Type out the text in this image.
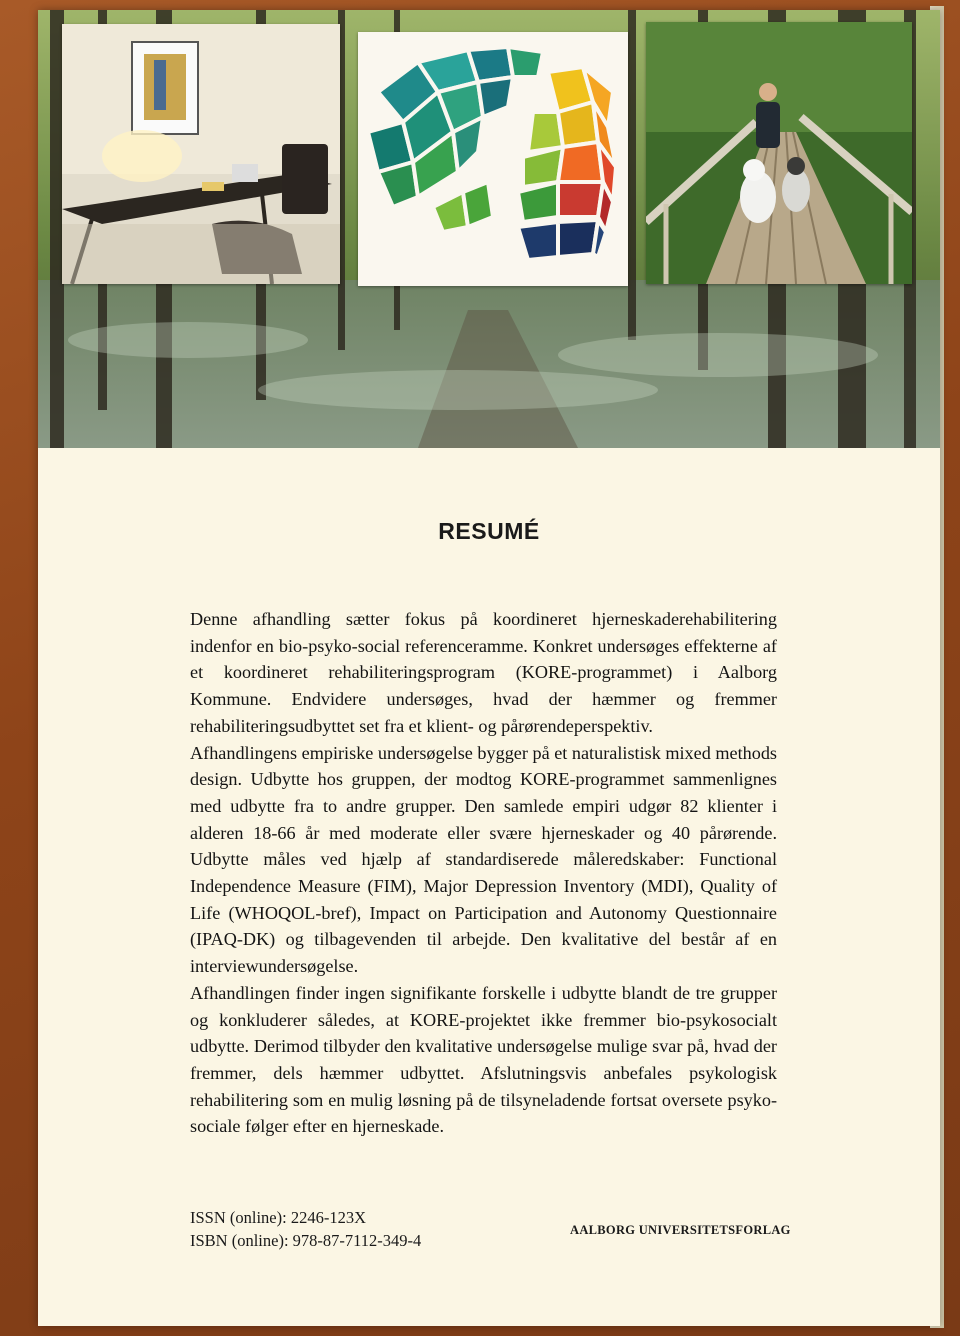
RESUMÉ

Denne afhandling sætter fokus på koordineret hjerneskaderehabilitering indenfor en bio-psyko-social referenceramme. Konkret undersøges effekterne af et koordineret rehabiliteringsprogram (KORE-programmet) i Aalborg Kommune. Endvidere undersøges, hvad der hæmmer og fremmer rehabiliteringsudbyttet set fra et klient- og pårørendeperspektiv.

Afhandlingens empiriske undersøgelse bygger på et naturalistisk mixed methods design. Udbytte hos gruppen, der modtog KORE-programmet sammenlignes med udbytte fra to andre grupper. Den samlede empiri udgør 82 klienter i alderen 18-66 år med moderate eller svære hjerneskader og 40 pårørende. Udbytte måles ved hjælp af standardiserede måleredskaber: Functional Independence Measure (FIM), Major Depression Inventory (MDI), Quality of Life (WHOQOL-bref), Impact on Participation and Autonomy Questionnaire (IPAQ-DK) og tilbagevenden til arbejde. Den kvalitative del består af en interviewundersøgelse.

Afhandlingen finder ingen signifikante forskelle i udbytte blandt de tre grupper og konkluderer således, at KORE-projektet ikke fremmer bio-psykosocialt udbytte. Derimod tilbyder den kvalitative undersøgelse mulige svar på, hvad der fremmer, dels hæmmer udbyttet. Afslutningsvis anbefales psykologisk rehabilitering som en mulig løsning på de tilsyneladende fortsat oversete psyko-sociale følger efter en hjerneskade.

ISSN (online): 2246-123X
ISBN (online): 978-87-7112-349-4
AALBORG UNIVERSITETSFORLAG
